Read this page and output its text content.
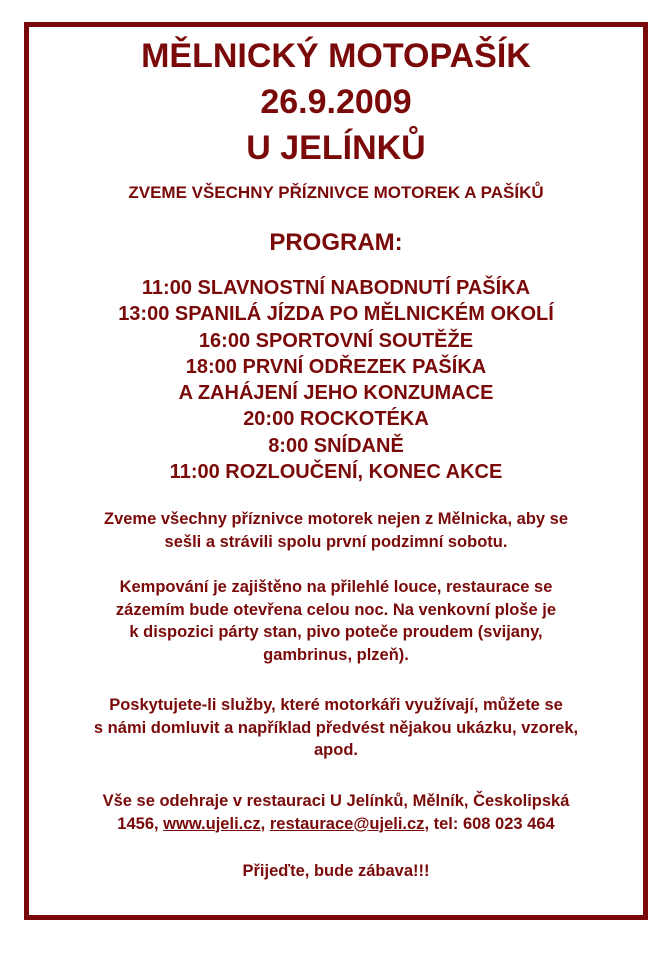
MĚLNICKÝ MOTOPAŠÍK
26.9.2009
U JELÍNKŮ
ZVEME VŠECHNY PŘÍZNIVCE MOTOREK A PAŠÍKŮ
PROGRAM:
11:00 SLAVNOSTNÍ NABODNUTÍ PAŠÍKA
13:00 SPANILÁ JÍZDA PO MĚLNICKÉM OKOLÍ
16:00 SPORTOVNÍ SOUTĚŽE
18:00 PRVNÍ ODŘEZEK PAŠÍKA
A ZAHÁJENÍ JEHO KONZUMACE
20:00 ROCKOTÉKA
8:00 SNÍDANĚ
11:00 ROZLOUČENÍ, KONEC AKCE

Zveme všechny příznivce motorek nejen z Mělnicka, aby se
sešli a strávili spolu první podzimní sobotu.

Kempování je zajištěno na přilehlé louce, restaurace se
zázemím bude otevřena celou noc. Na venkovní ploše je
k dispozici párty stan, pivo poteče proudem (svijany,
gambrinus, plzeň).

Poskytujete-li služby, které motorkáři využívají, můžete se
s námi domluvit a například předvést nějakou ukázku, vzorek,
apod.

Vše se odehraje v restauraci U Jelínků, Mělník, Českolipská
1456, www.ujeli.cz, restaurace@ujeli.cz, tel: 608 023 464

Přijeďte, bude zábava!!!
